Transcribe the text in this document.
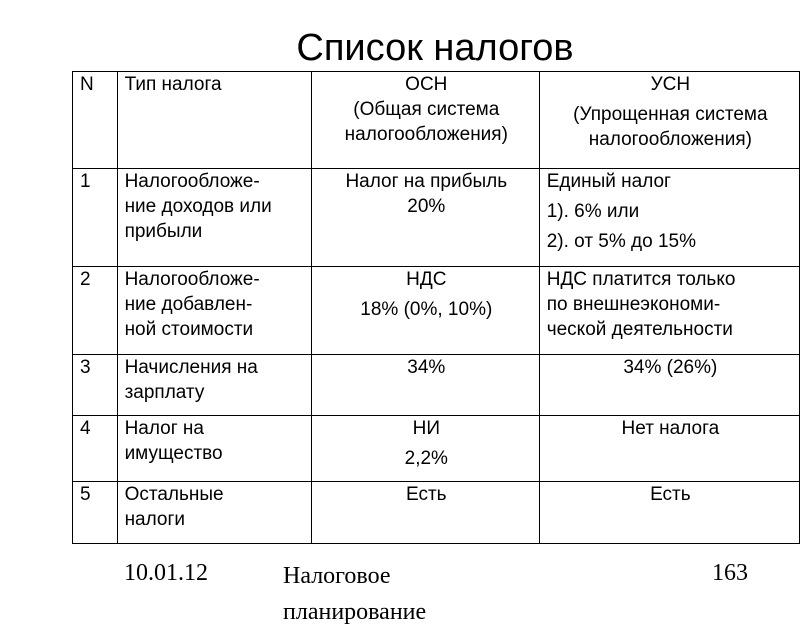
Список налогов
N	Тип налога	ОСН
(Общая система
налогообложения)	УСН
(Упрощенная система
налогообложения)

1	Налогообложе-
ние доходов или
прибыли	Налог на прибыль
20%	Единый налог
1). 6% или
2). от 5% до 15%

2	Налогообложе-
ние добавлен-
ной стоимости	НДС
18% (0%, 10%)	НДС платится только
по внешнеэкономи-
ческой деятельности

3	Начисления на
зарплату	34%	34% (26%)

4	Налог на
имущество	НИ
2,2%	Нет налога

5	Остальные
налоги	Есть	Есть
10.01.12	Налоговое планирование
163
